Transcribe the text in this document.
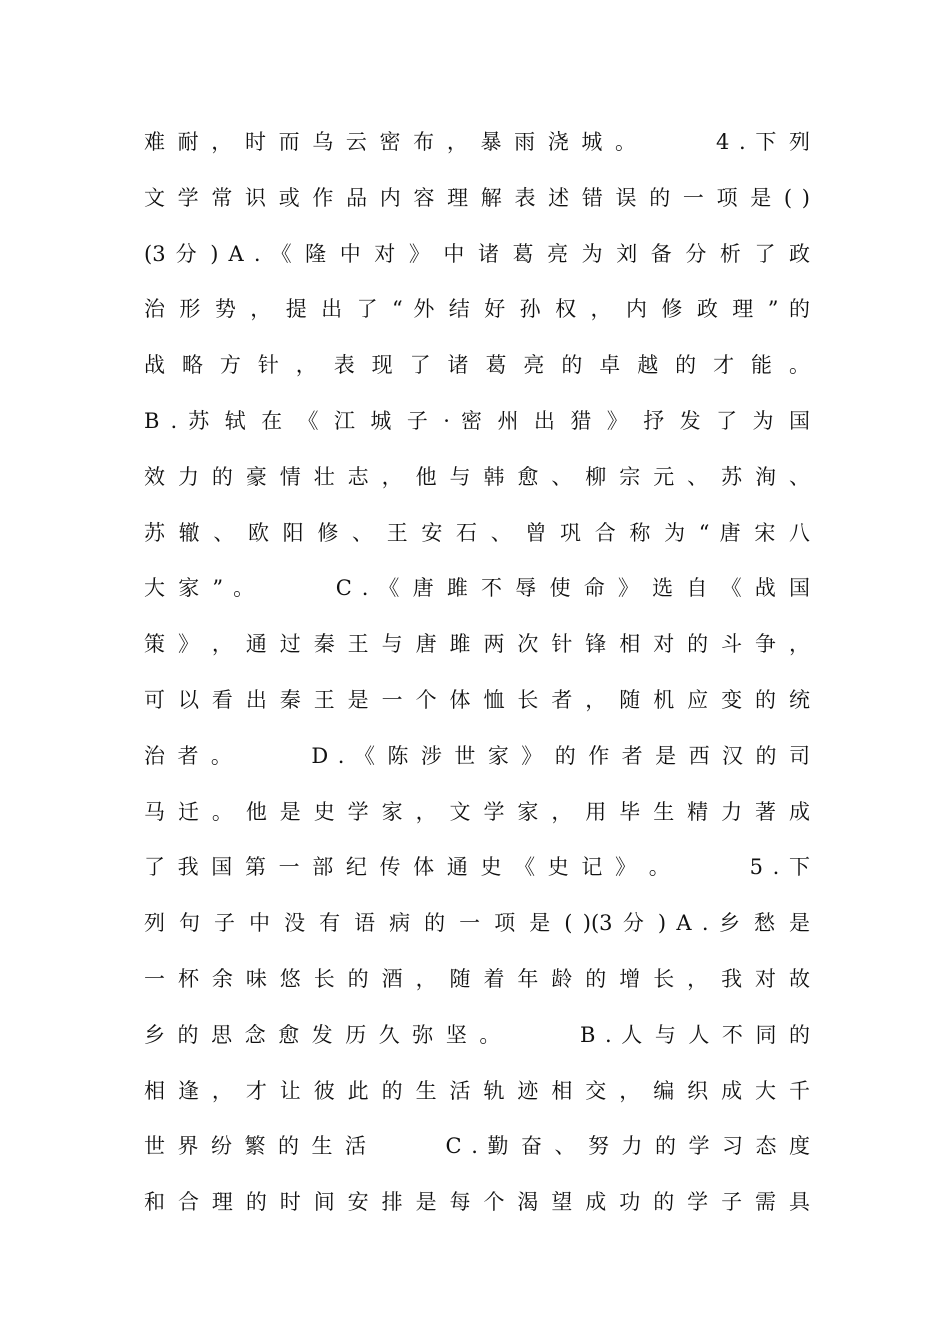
难 耐 ， 时 而 乌 云 密 布 ， 暴 雨 浇 城 。 　 　 4 . 下 列
文 学 常 识 或 作 品 内 容 理 解 表 述 错 误 的 一 项 是 ( )
(3 分 ) A . 《 隆 中 对 》 中 诸 葛 亮 为 刘 备 分 析 了 政
治 形 势 ， 提 出 了 “ 外 结 好 孙 权 ， 内 修 政 理 ” 的
战 略 方 针 ， 表 现 了 诸 葛 亮 的 卓 越 的 才 能 。 　 　 　
B . 苏 轼 在 《 江 城 子 · 密 州 出 猎 》 抒 发 了 为 国
效 力 的 豪 情 壮 志 ， 他 与 韩 愈 、 柳 宗 元 、 苏 洵 、
苏 辙 、 欧 阳 修 、 王 安 石 、 曾 巩 合 称 为 “ 唐 宋 八
大 家 ” 。 　 　 C . 《 唐 雎 不 辱 使 命 》 选 自 《 战 国
策 》 ， 通 过 秦 王 与 唐 雎 两 次 针 锋 相 对 的 斗 争 ，
可 以 看 出 秦 王 是 一 个 体 恤 长 者 ， 随 机 应 变 的 统
治 者 。 　 　 D . 《 陈 涉 世 家 》 的 作 者 是 西 汉 的 司
马 迁 。 他 是 史 学 家 ， 文 学 家 ， 用 毕 生 精 力 著 成
了 我 国 第 一 部 纪 传 体 通 史 《 史 记 》 。 　 　 5 . 下
列 句 子 中 没 有 语 病 的 一 项 是 ( )(3 分 ) A . 乡 愁 是
一 杯 余 味 悠 长 的 酒 ， 随 着 年 龄 的 增 长 ， 我 对 故
乡 的 思 念 愈 发 历 久 弥 坚 。 　 　 B . 人 与 人 不 同 的
相 逢 ， 才 让 彼 此 的 生 活 轨 迹 相 交 ， 编 织 成 大 千
世 界 纷 繁 的 生 活 　 　 C . 勤 奋 、 努 力 的 学 习 态 度
和 合 理 的 时 间 安 排 是 每 个 渴 望 成 功 的 学 子 需 具
